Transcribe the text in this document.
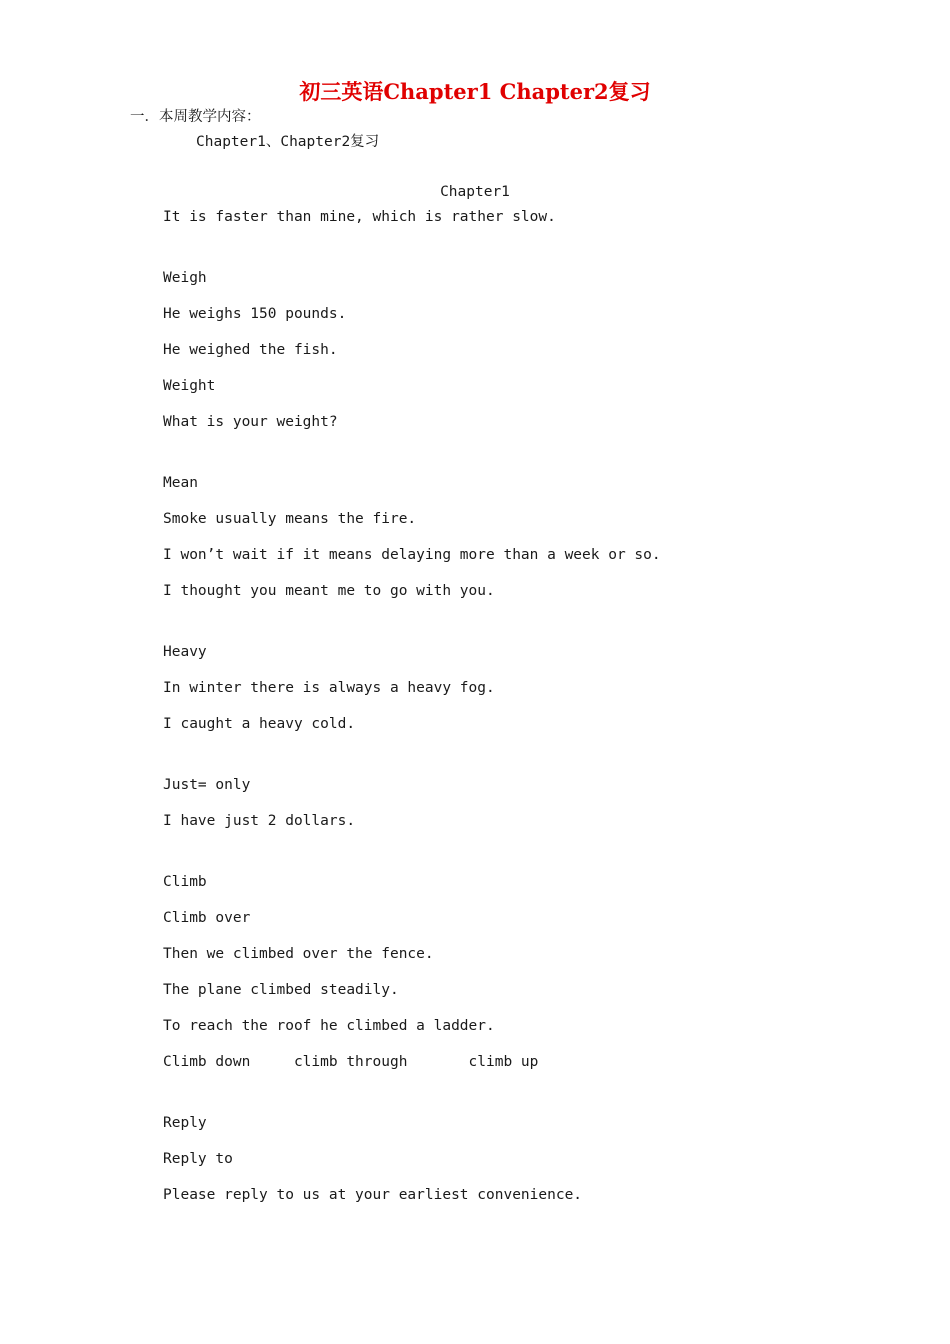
初三英语Chapter1 Chapter2复习
一．本周教学内容：
Chapter1、Chapter2复习
Chapter1
It is faster than mine, which is rather slow.
Weigh
He weighs 150 pounds.
He weighed the fish.
Weight
What is your weight?
Mean
Smoke usually means the fire.
I won’t wait if it means delaying more than a week or so.
I thought you meant me to go with you.
Heavy
In winter there is always a heavy fog.
I caught a heavy cold.
Just= only
I have just 2 dollars.
Climb
Climb over
Then we climbed over the fence.
The plane climbed steadily.
To reach the roof he climbed a ladder.
Climb down     climb through       climb up
Reply
Reply to
Please reply to us at your earliest convenience.
